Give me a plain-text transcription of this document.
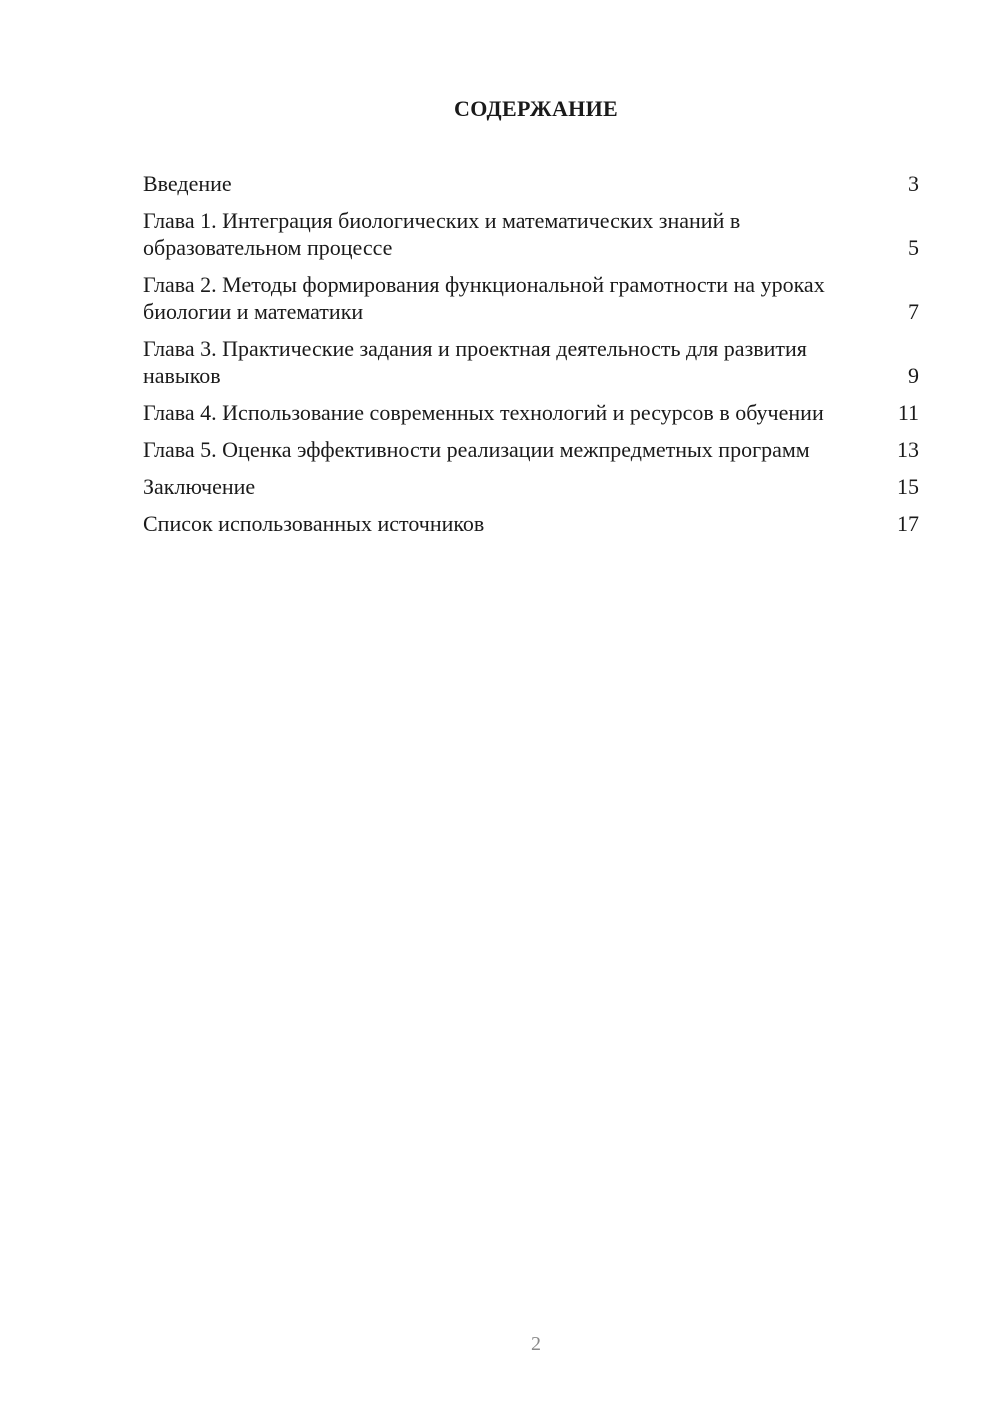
СОДЕРЖАНИЕ
Введение	3
Глава 1. Интеграция биологических и математических знаний в образовательном процессе	5
Глава 2. Методы формирования функциональной грамотности на уроках биологии и математики	7
Глава 3. Практические задания и проектная деятельность для развития навыков	9
Глава 4. Использование современных технологий и ресурсов в обучении	11
Глава 5. Оценка эффективности реализации межпредметных программ	13
Заключение	15
Список использованных источников	17
2
